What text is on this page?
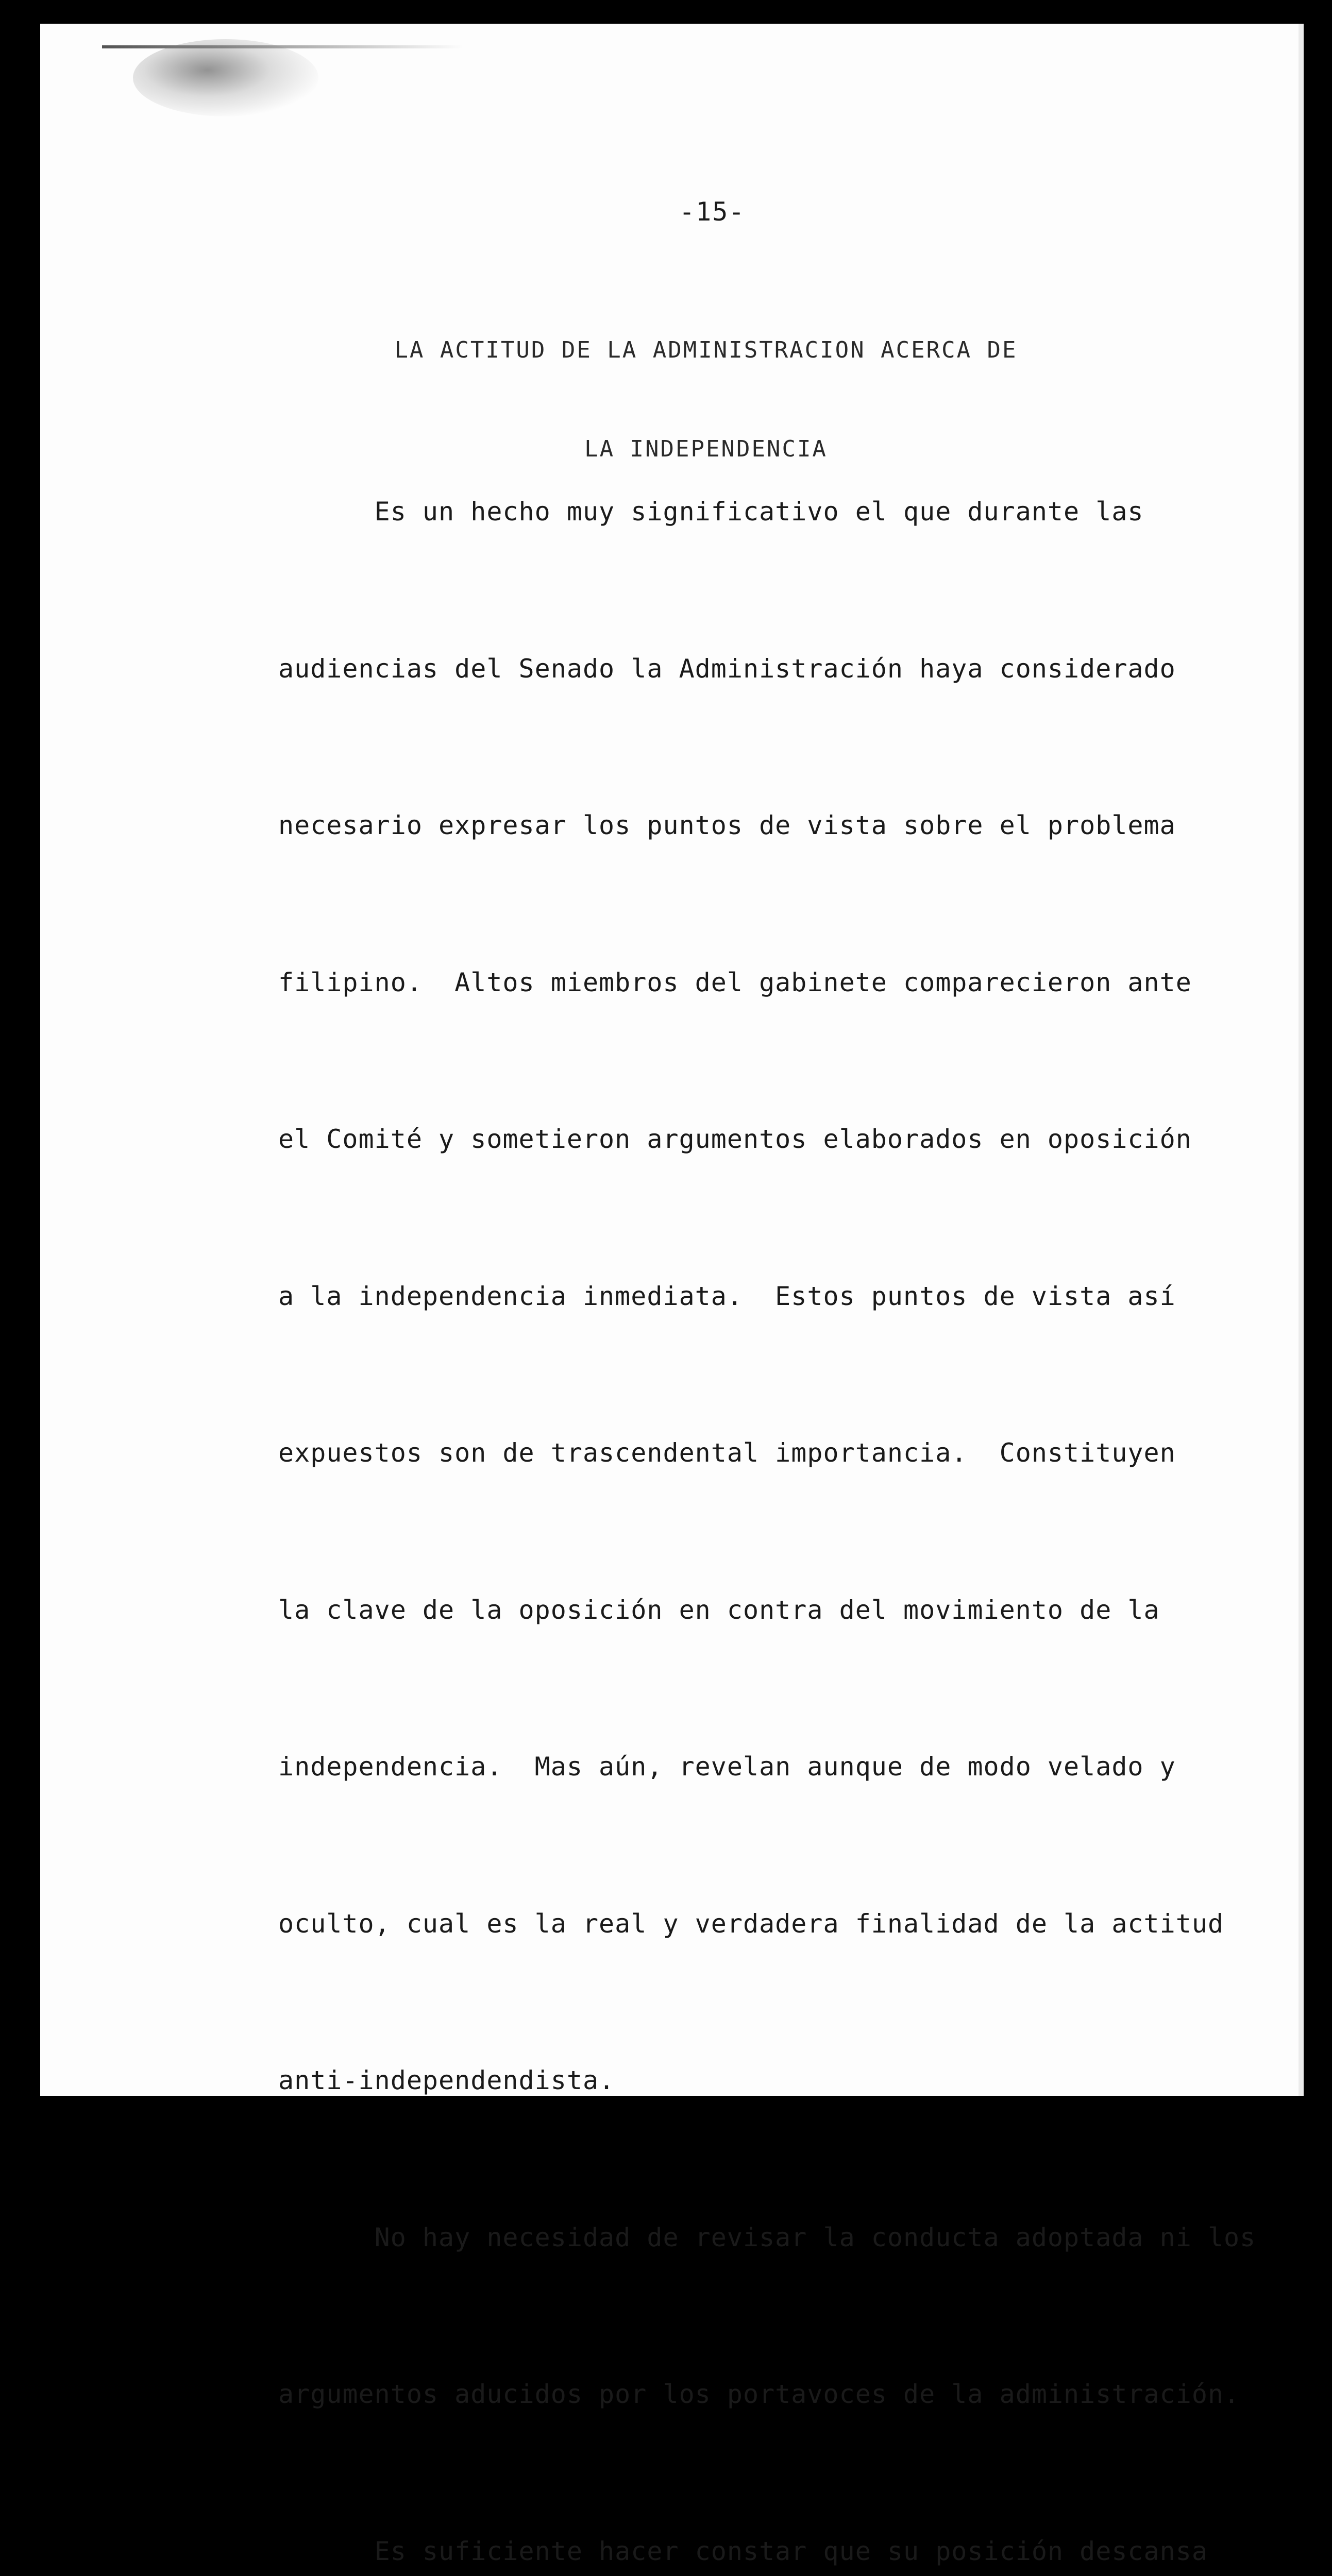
-15-

LA ACTITUD DE LA ADMINISTRACION ACERCA DE

LA INDEPENDENCIA

Es un hecho muy significativo el que durante las

audiencias del Senado la Administración haya considerado

necesario expresar los puntos de vista sobre el problema

filipino.  Altos miembros del gabinete comparecieron ante

el Comité y sometieron argumentos elaborados en oposición

a la independencia inmediata.  Estos puntos de vista así

expuestos son de trascendental importancia.  Constituyen

la clave de la oposición en contra del movimiento de la

independencia.  Mas aún, revelan aunque de modo velado y

oculto, cual es la real y verdadera finalidad de la actitud

anti-independendista.

No hay necesidad de revisar la conducta adoptada ni los

argumentos aducidos por los portavoces de la administración.

Es suficiente hacer constar que su posición descansa
